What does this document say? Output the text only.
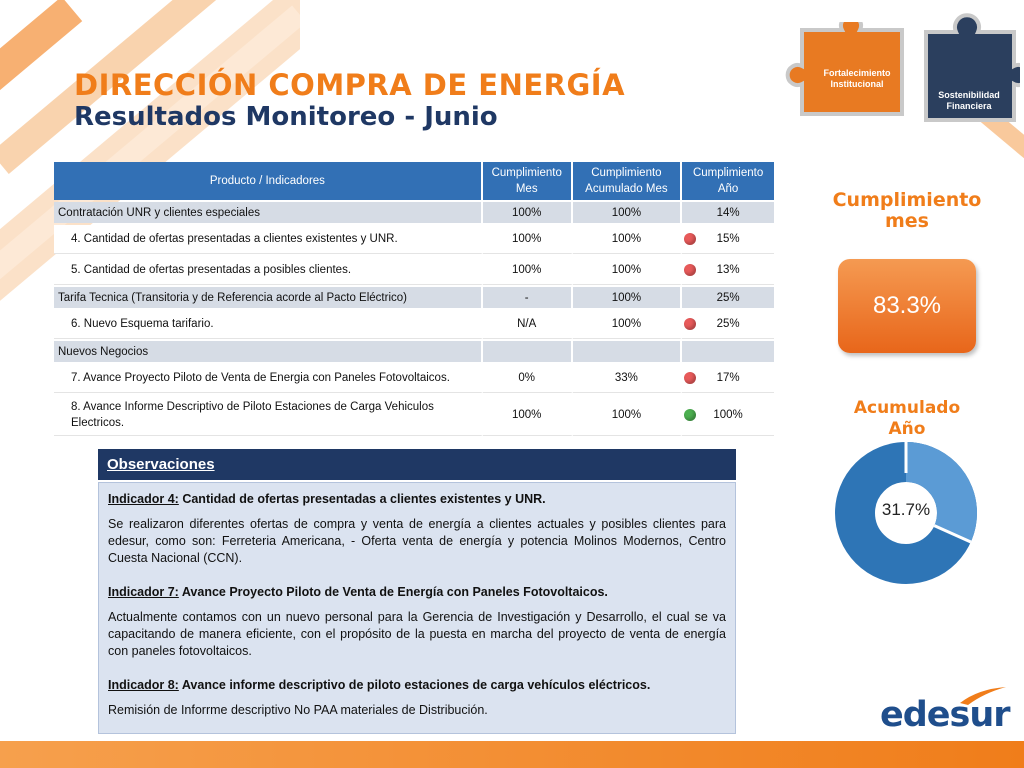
DIRECCIÓN COMPRA DE ENERGÍA
Resultados Monitoreo - Junio
Fortalecimiento Institucional
Sostenibilidad Financiera
Producto / Indicadores	Cumplimiento Mes	Cumplimiento Acumulado Mes	Cumplimiento Año
Contratación UNR y clientes especiales	100%	100%	14%
4. Cantidad de ofertas presentadas a clientes existentes y UNR.	100%	100%	15%
5. Cantidad de ofertas presentadas a posibles clientes.	100%	100%	13%
Tarifa Tecnica (Transitoria y de Referencia acorde al Pacto Eléctrico)	-	100%	25%
6. Nuevo Esquema tarifario.	N/A	100%	25%
Nuevos Negocios			
7. Avance Proyecto Piloto de Venta de Energia con Paneles Fotovoltaicos.	0%	33%	17%
8. Avance Informe Descriptivo de Piloto Estaciones de Carga Vehiculos Electricos.	100%	100%	100%
Observaciones
Indicador 4: Cantidad de ofertas presentadas a clientes existentes y UNR.

Se realizaron diferentes ofertas de compra y venta de energía a clientes actuales y posibles clientes para edesur, como son: Ferreteria Americana, - Oferta venta de energía y potencia Molinos Modernos, Centro Cuesta Nacional (CCN).

Indicador 7: Avance Proyecto Piloto de Venta de Energía con Paneles Fotovoltaicos.

Actualmente contamos con un nuevo personal para la Gerencia de Investigación y Desarrollo, el cual se va capacitando de manera eficiente, con el propósito de la puesta en marcha del proyecto de venta de energía con paneles fotovoltaicos.

Indicador 8: Avance informe descriptivo de piloto estaciones de carga vehículos eléctricos.

Remisión de Inforrme descriptivo No PAA materiales de Distribución.

Cumplimiento mes
83.3%
Acumulado Año
31.7%
edesur
